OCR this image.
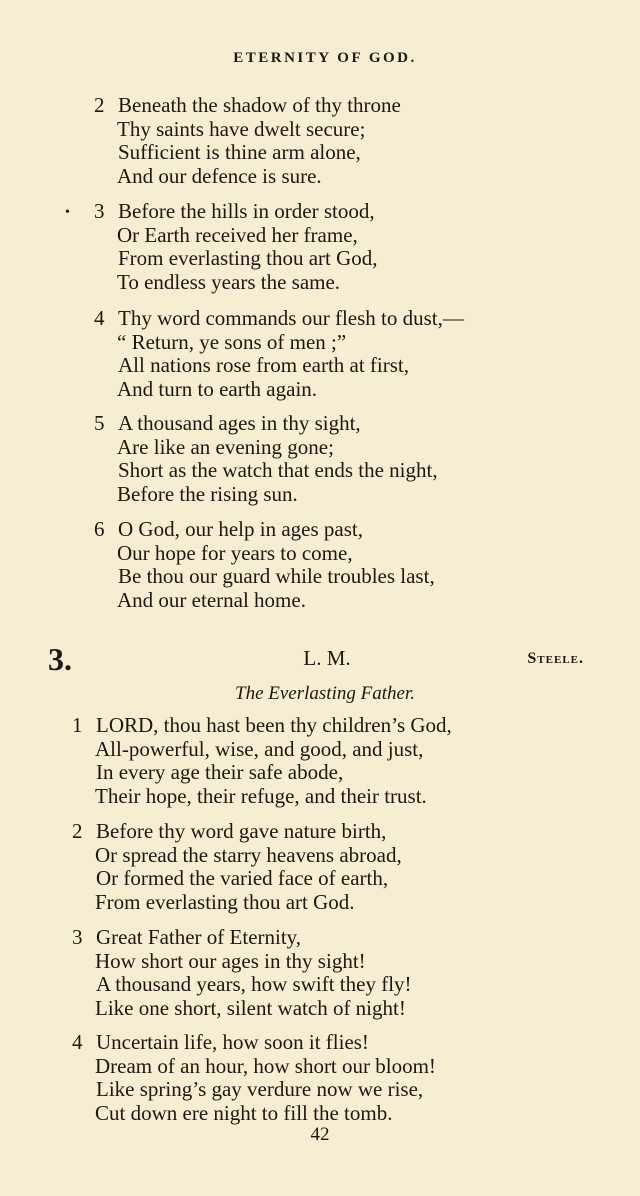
ETERNITY OF GOD.
•
2 Beneath the shadow of thy throne
Thy saints have dwelt secure;
Sufficient is thine arm alone,
And our defence is sure.
3 Before the hills in order stood,
Or Earth received her frame,
From everlasting thou art God,
To endless years the same.
4 Thy word commands our flesh to dust,—
“ Return, ye sons of men ;”
All nations rose from earth at first,
And turn to earth again.
5 A thousand ages in thy sight,
Are like an evening gone;
Short as the watch that ends the night,
Before the rising sun.
6 O God, our help in ages past,
Our hope for years to come,
Be thou our guard while troubles last,
And our eternal home.
3.	L. M.	Steele.
The Everlasting Father.
1 LORD, thou hast been thy children’s God,
All-powerful, wise, and good, and just,
In every age their safe abode,
Their hope, their refuge, and their trust.
2 Before thy word gave nature birth,
Or spread the starry heavens abroad,
Or formed the varied face of earth,
From everlasting thou art God.
3 Great Father of Eternity,
How short our ages in thy sight!
A thousand years, how swift they fly!
Like one short, silent watch of night!
4 Uncertain life, how soon it flies!
Dream of an hour, how short our bloom!
Like spring’s gay verdure now we rise,
Cut down ere night to fill the tomb.
42
